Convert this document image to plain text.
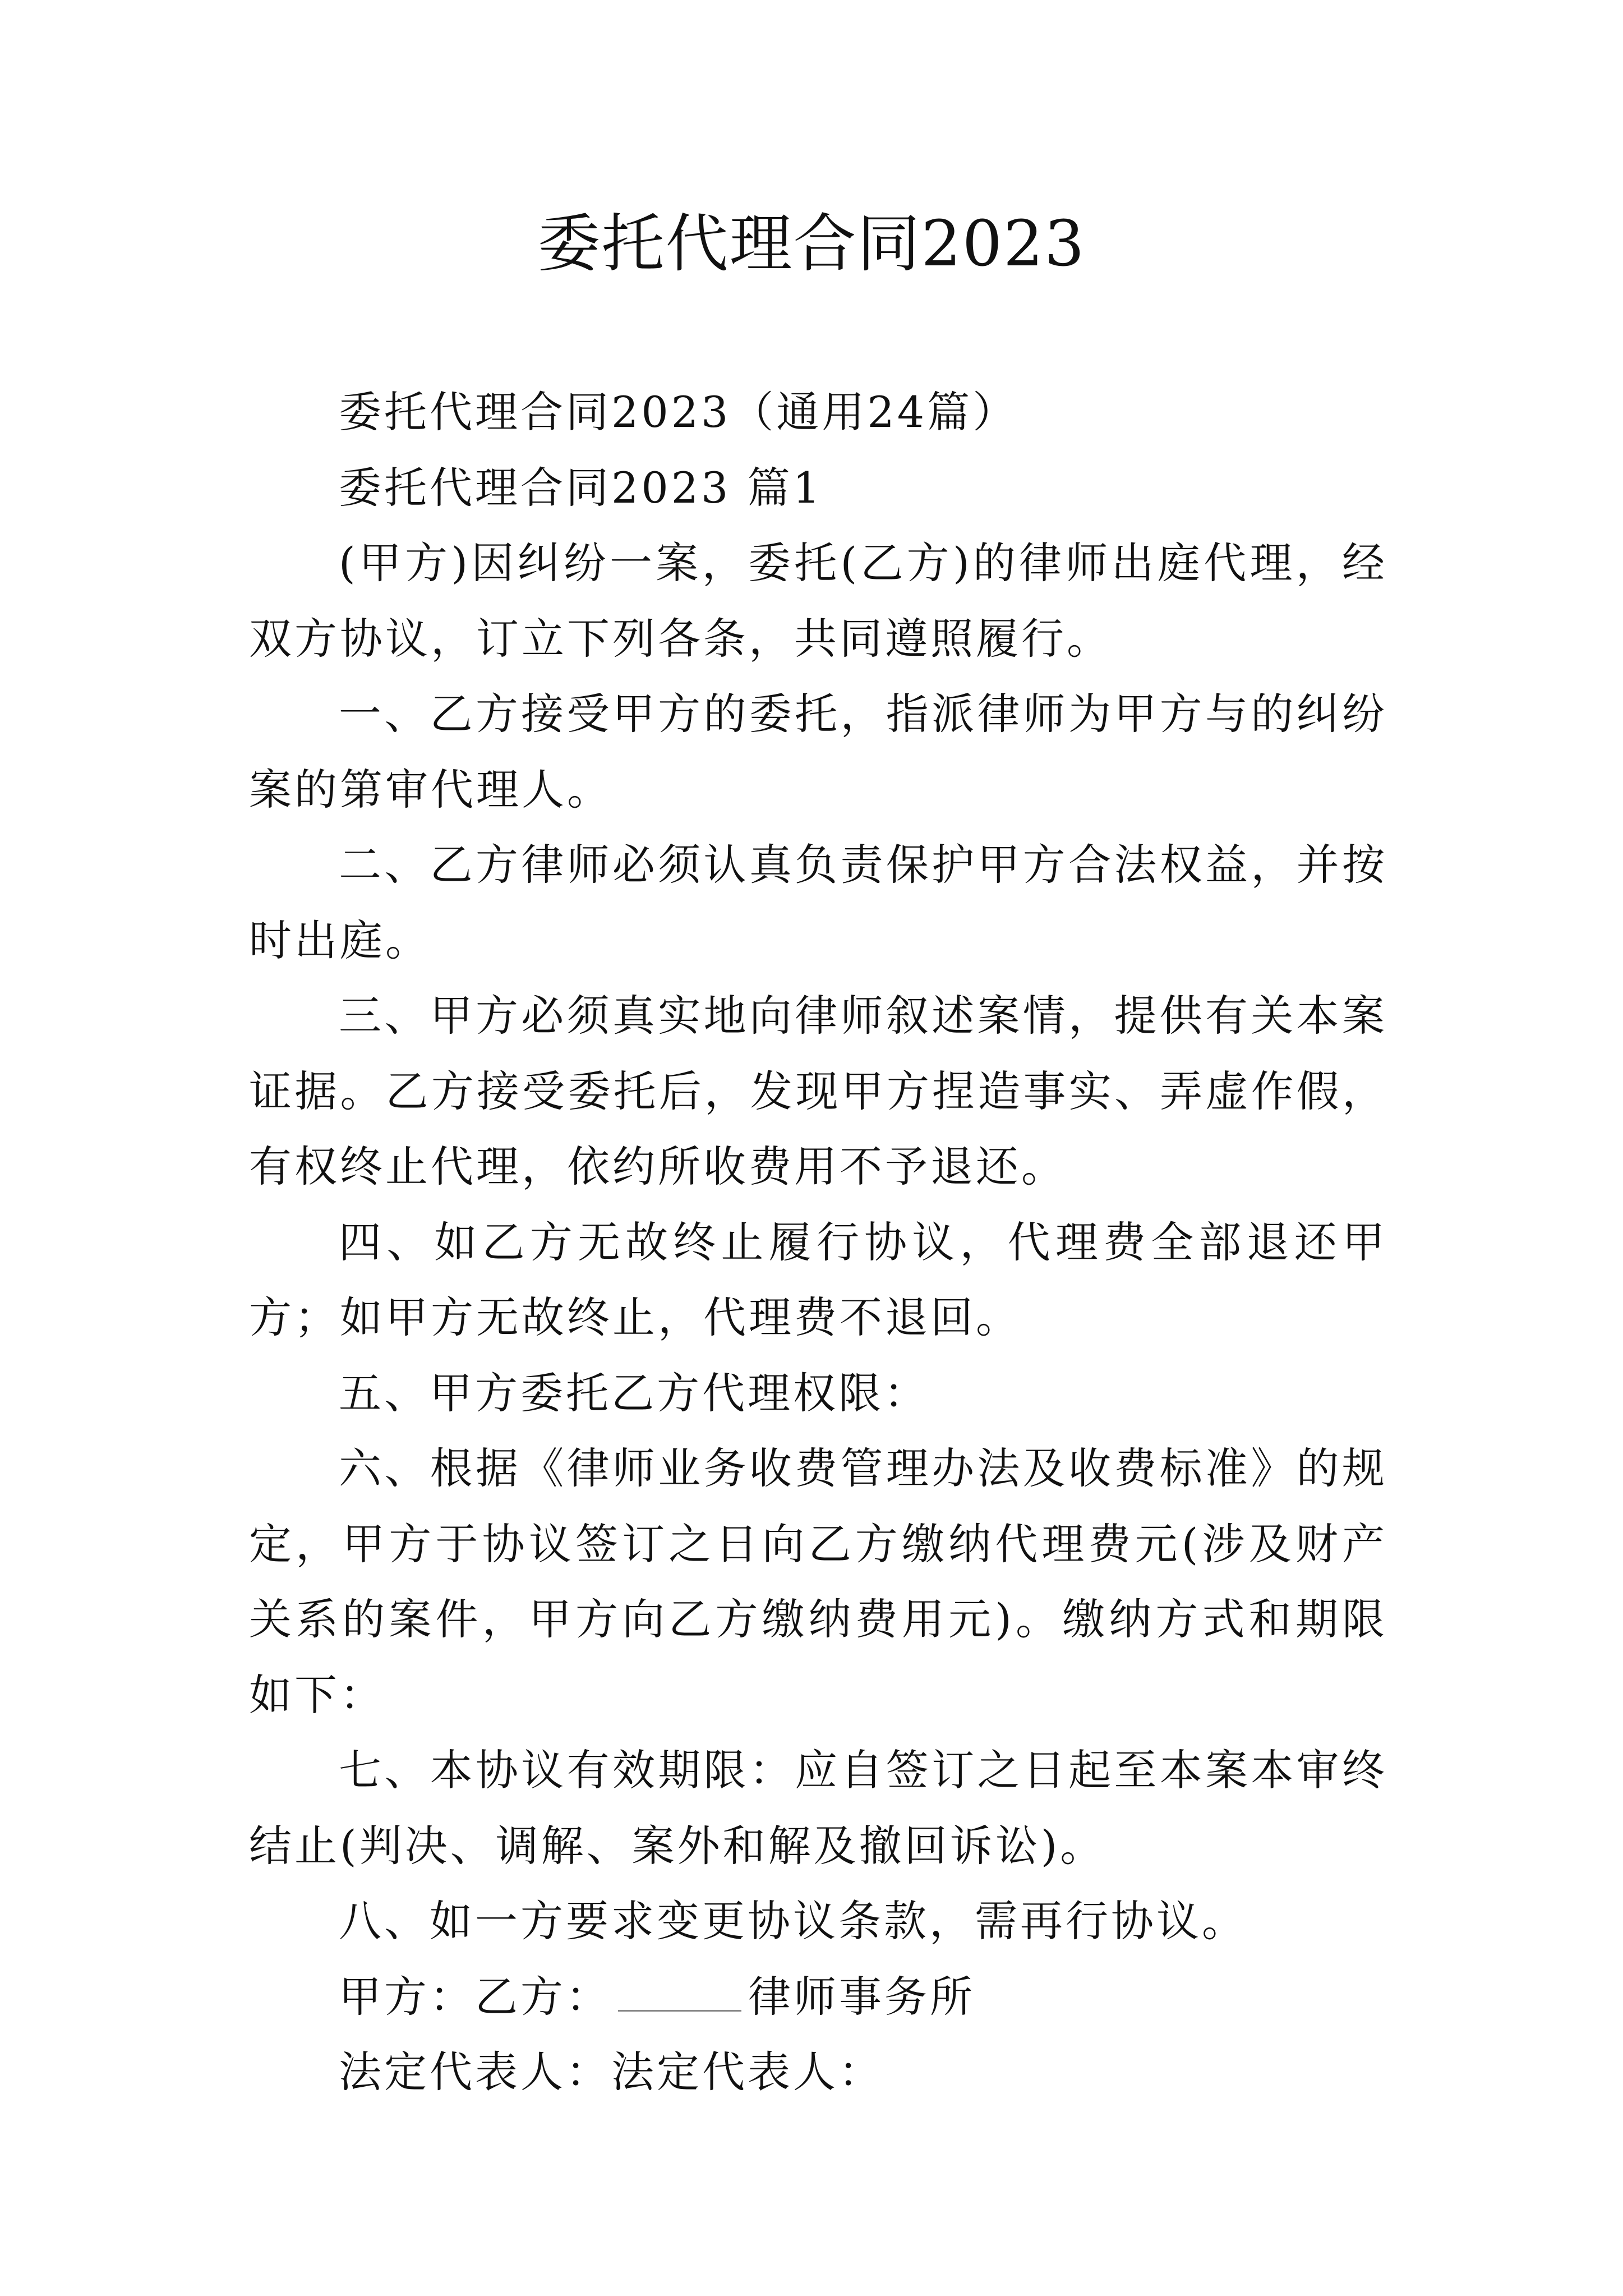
委托代理合同2023

委托代理合同2023（通用24篇）

委托代理合同2023 篇1

(甲方)因纠纷一案，委托(乙方)的律师出庭代理，经双方协议，订立下列各条，共同遵照履行。

一、乙方接受甲方的委托，指派律师为甲方与的纠纷案的第审代理人。

二、乙方律师必须认真负责保护甲方合法权益，并按时出庭。

三、甲方必须真实地向律师叙述案情，提供有关本案证据。乙方接受委托后，发现甲方捏造事实、弄虚作假，有权终止代理，依约所收费用不予退还。

四、如乙方无故终止履行协议，代理费全部退还甲方；如甲方无故终止，代理费不退回。

五、甲方委托乙方代理权限：

六、根据《律师业务收费管理办法及收费标准》的规定，甲方于协议签订之日向乙方缴纳代理费元(涉及财产关系的案件，甲方向乙方缴纳费用元)。缴纳方式和期限如下：

七、本协议有效期限：应自签订之日起至本案本审终结止(判决、调解、案外和解及撤回诉讼)。

八、如一方要求变更协议条款，需再行协议。

甲方：乙方：	律师事务所

法定代表人：法定代表人：
